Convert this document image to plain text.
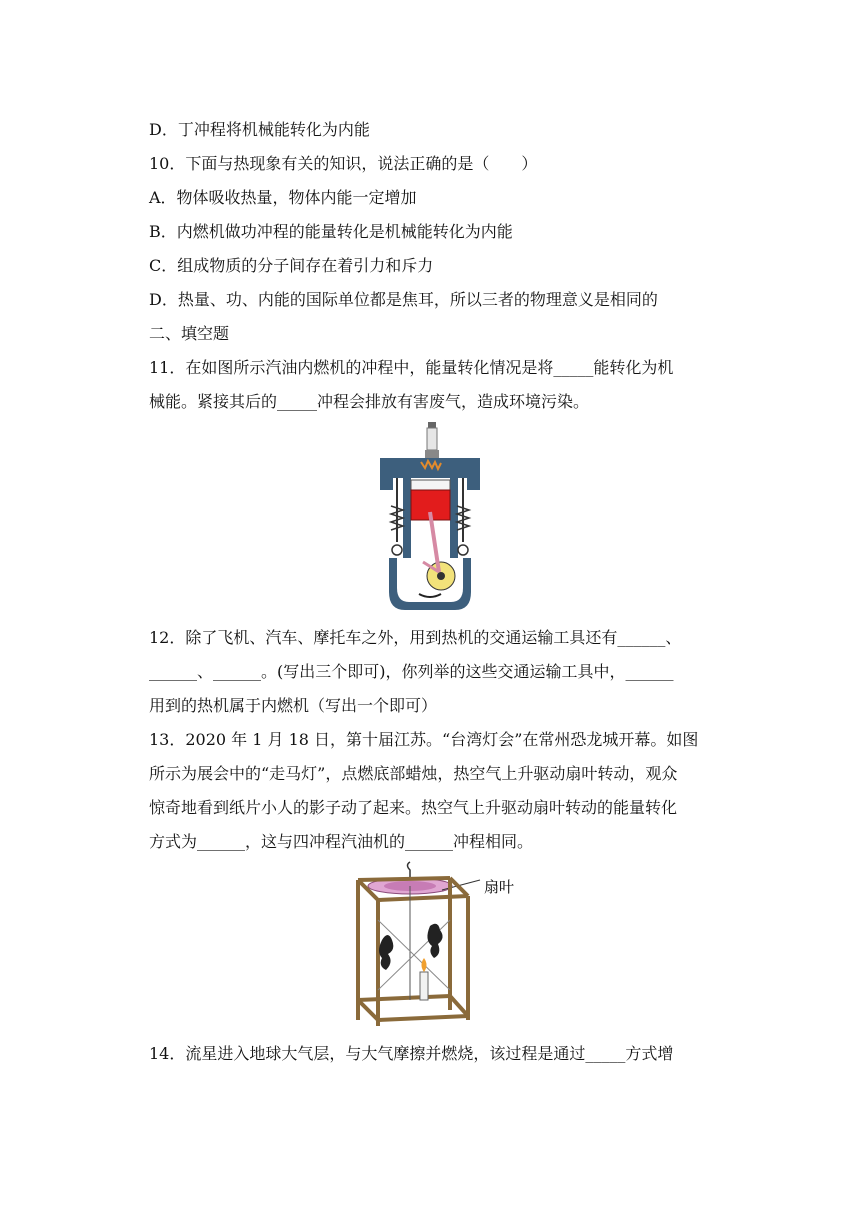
D．丁冲程将机械能转化为内能
10．下面与热现象有关的知识，说法正确的是（　　）
A．物体吸收热量，物体内能一定增加
B．内燃机做功冲程的能量转化是机械能转化为内能
C．组成物质的分子间存在着引力和斥力
D．热量、功、内能的国际单位都是焦耳，所以三者的物理意义是相同的
二、填空题
11．在如图所示汽油内燃机的冲程中，能量转化情况是将_____能转化为机
械能。紧接其后的_____冲程会排放有害废气，造成环境污染。
12．除了飞机、汽车、摩托车之外，用到热机的交通运输工具还有______、
______、______。(写出三个即可)，你列举的这些交通运输工具中，______
用到的热机属于内燃机（写出一个即可）
13．2020 年 1 月 18 日，第十届江苏。“台湾灯会”在常州恐龙城开幕。如图
所示为展会中的“走马灯”，点燃底部蜡烛，热空气上升驱动扇叶转动，观众
惊奇地看到纸片小人的影子动了起来。热空气上升驱动扇叶转动的能量转化
方式为______，这与四冲程汽油机的______冲程相同。
扇叶
14．流星进入地球大气层，与大气摩擦并燃烧，该过程是通过_____方式增
